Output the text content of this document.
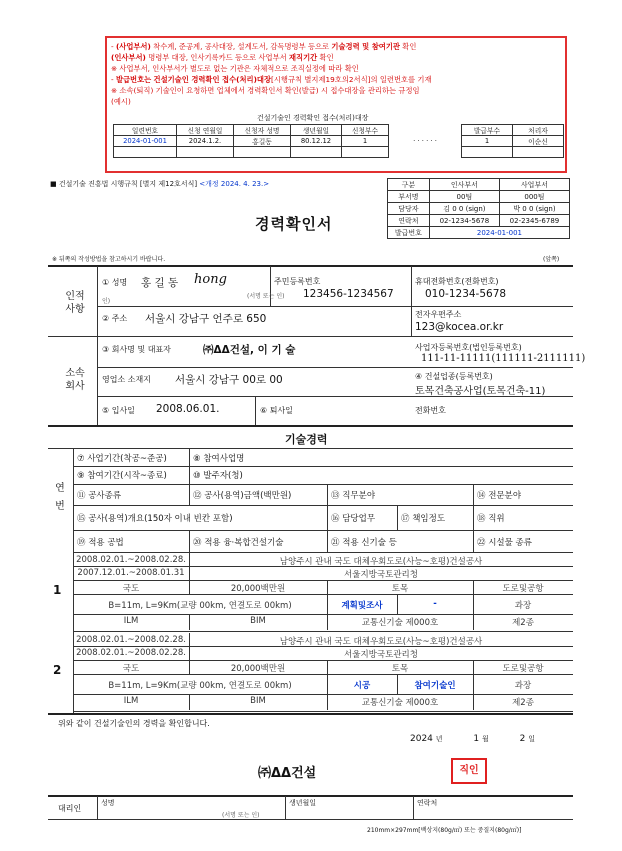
- (사업부서) 착수계, 준공계, 공사대장, 설계도서, 감독명령부 등으로 기술경력 및 참여기관 확인
(인사부서) 명령부 대장, 인사기록카드 등으로 사업부서 재직기간 확인
※ 사업부서, 인사부서가 별도로 없는 기관은 자체적으로 조직실정에 따라 확인
- 발급번호는 건설기술인 경력확인 접수(처리)대장[시행규칙 별지제19호의2서식]의 일련번호를 기재
※ 소속(퇴직) 기술인이 요청하면 업체에서 경력확인서 확인(발급) 시 접수대장을 관리하는 규정임
(예시)
건설기술인 경력확인 접수(처리)대장
일련번호	신청 연월일	신청자 성명	생년월일	신청부수		발급부수	처리자
2024-01-001	2024.1.2.	홍길동	80.12.12	1	· · · · · ·	1	이순신

■ 건설기술 진흥법 시행규칙 [별지 제12호서식] <개정 2024. 4. 23.>	구분	인사부서	사업부서
부서명	00팀	000팀
담당자	김 0 0 (sign)	박 0 0 (sign)
연락처	02-1234-5678	02-2345-6789
발급번호	2024-01-001	
경력확인서
※ 뒤쪽의 작성방법을 참고하시기 바랍니다.	(앞쪽)
인적
사항
① 성명 홍 길 동 hong
인)
(서명 또는 인)
주민등록번호
123456-1234567
휴대전화번호(전화번호)
010-1234-5678
② 주소 서울시 강남구 언주로 650	전자우편주소
123@kocea.or.kr
소속
회사
③ 회사명 및 대표자	㈜ΔΔ건설, 이 기 술	사업자등록번호(법인등록번호)
111-11-11111(111111-2111111)
영업소 소재지 서울시 강남구 00로 00	④ 건설업종(등록번호)
토목건축공사업(토목건축-11)
⑤ 입사일 2008.06.01.	⑥ 퇴사일	전화번호
기술경력
⑦ 사업기간(착공~준공)	⑧ 참여사업명
⑨ 참여기간(시작~종료)	⑩ 발주자(청)
⑪ 공사종류	⑫ 공사(용역)금액(백만원)	⑬ 직무분야	⑭ 전문분야
⑮ 공사(용역)개요(150자 이내 빈칸 포함)	⑯ 담당업무	⑰ 책임정도	⑱ 직위
⑲ 적용 공법	⑳ 적용 융·복합건설기술	㉑ 적용 신기술 등	㉒ 시설물 종류
연
번
1
2008.02.01.~2008.02.28.	남양주시 관내 국도 대체우회도로(사능~호평)건설공사
2007.12.01.~2008.01.31	서울지방국토관리청
국도	20,000백만원	토목	도로및공항
B=11m, L=9Km(교량 00km, 연결도로 00km)	계획및조사	-	과장
ILM	BIM	교통신기술 제000호	제2종
2
2008.02.01.~2008.02.28.	남양주시 관내 국도 대체우회도로(사능~호평)건설공사
2008.02.01.~2008.02.28.	서울지방국토관리청
국도	20,000백만원	토목	도로및공항
B=11m, L=9Km(교량 00km, 연결도로 00km)	시공	참여기술인	과장
ILM	BIM	교통신기술 제000호	제2종
위와 같이 건설기술인의 경력을 확인합니다.
2024 년	1 월	2 일
㈜ΔΔ건설	직인
대리인
성명
(서명 또는 인)
생년월일	연락처
210mm×297mm[백상지(80g/㎡) 또는 중질지(80g/㎡)]
